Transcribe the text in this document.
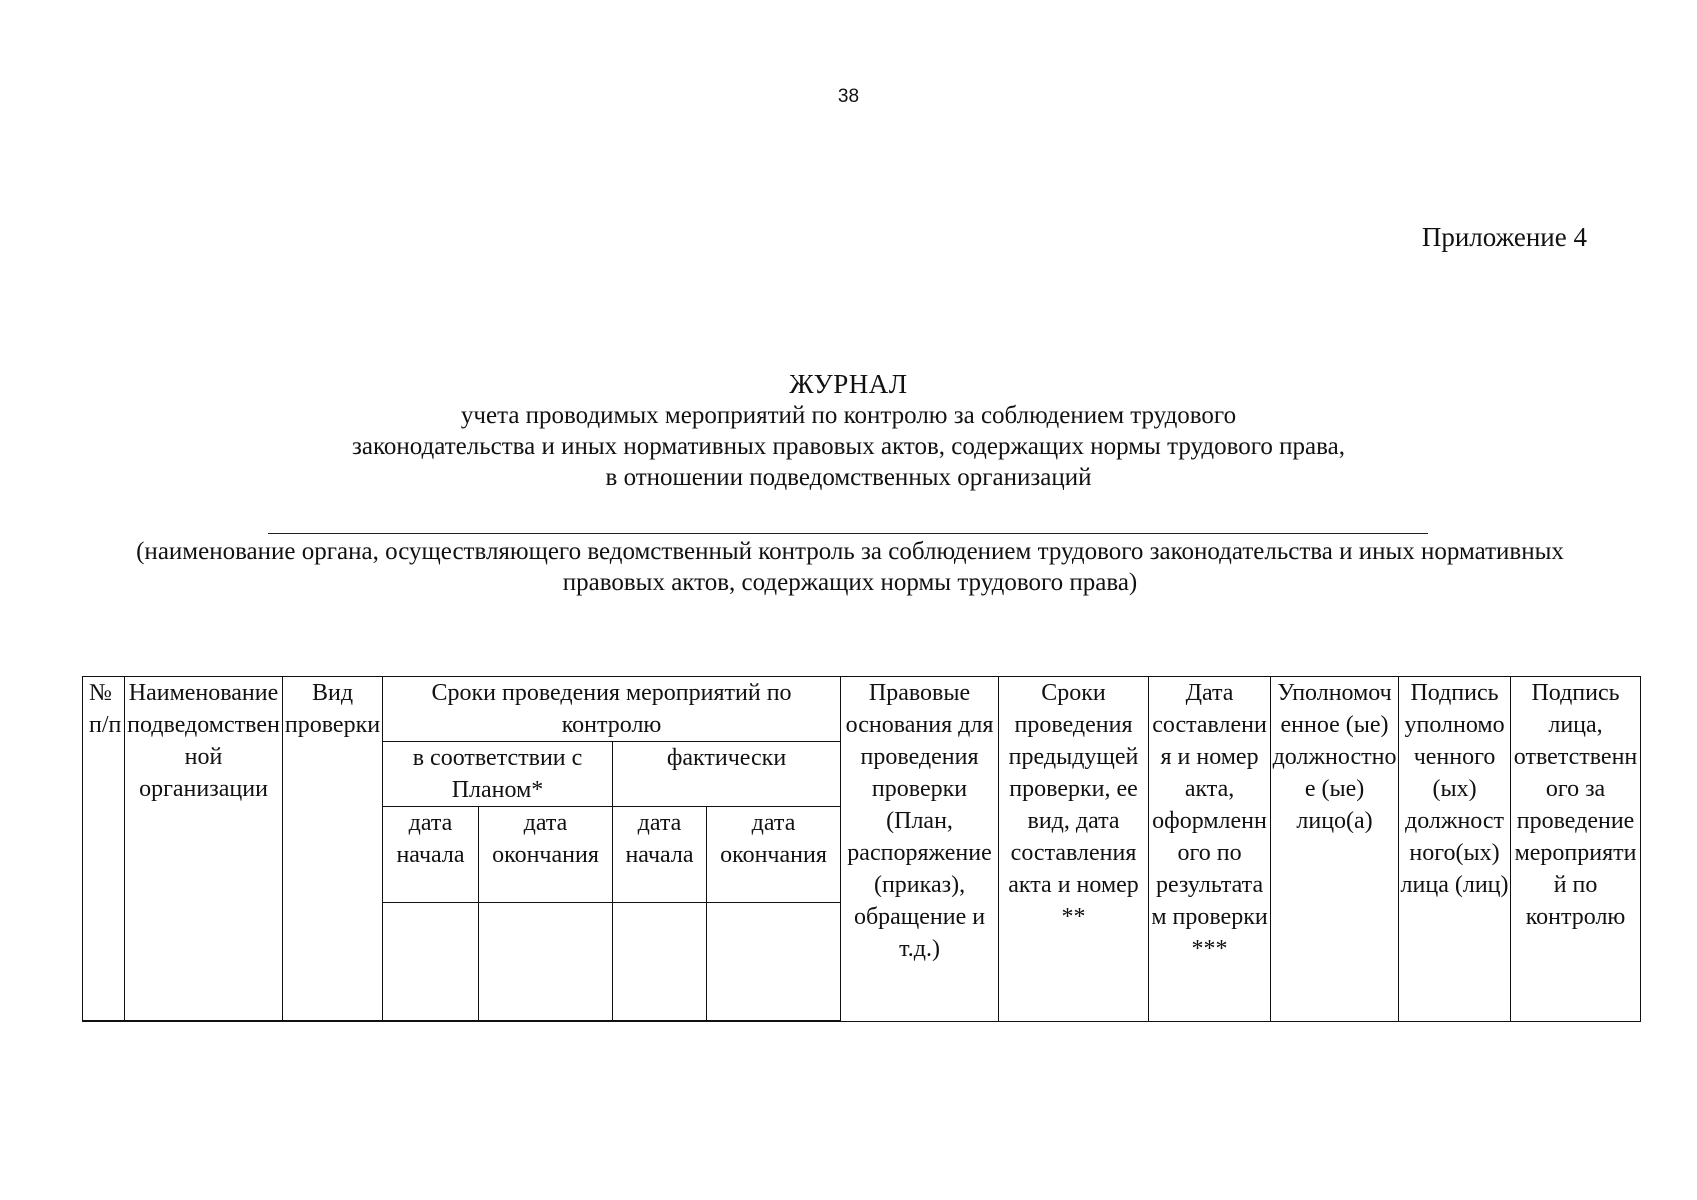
38
Приложение 4
ЖУРНАЛ
учета проводимых мероприятий по контролю за соблюдением трудового
законодательства и иных нормативных правовых актов, содержащих нормы трудового права,
в отношении подведомственных организаций
(наименование органа, осуществляющего ведомственный контроль за соблюдением трудового законодательства и иных нормативных
правовых актов, содержащих нормы трудового права)
№ п/п	Наименование подведомствен ной организации	Вид проверки	Сроки проведения мероприятий по контролю				Правовые основания для проведения проверки (План, распоряжение (приказ), обращение и т.д.)	Сроки проведения предыдущей проверки, ее вид, дата составления акта и номер **	Дата составления и номер акта, оформленного по результатам проверки ***	Уполномоченное (ые) должностное (ые) лицо(а)	Подпись уполномоченного (ых) должностного(ых) лица (лиц)	Подпись лица, ответственного за проведение мероприятий по контролю
			в соответствии с Планом*		фактически							
			дата начала	дата окончания	дата начала	дата окончания						
